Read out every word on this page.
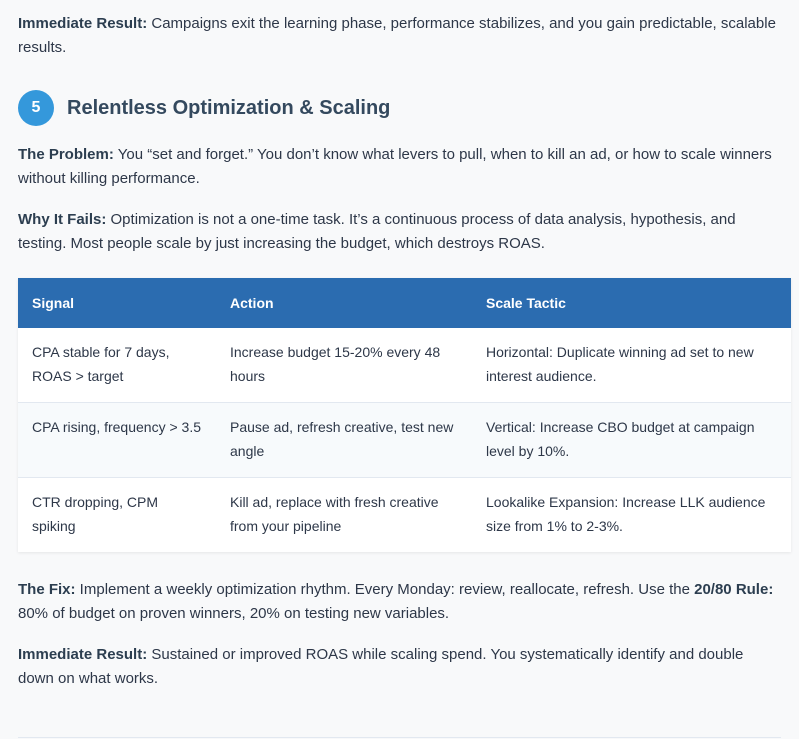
Immediate Result: Campaigns exit the learning phase, performance stabilizes, and you gain predictable, scalable results.

5	Relentless Optimization & Scaling

The Problem: You “set and forget.” You don’t know what levers to pull, when to kill an ad, or how to scale winners without killing performance.

Why It Fails: Optimization is not a one-time task. It’s a continuous process of data analysis, hypothesis, and testing. Most people scale by just increasing the budget, which destroys ROAS.

Signal	Action	Scale Tactic
CPA stable for 7 days, ROAS > target	Increase budget 15-20% every 48 hours	Horizontal: Duplicate winning ad set to new interest audience.
CPA rising, frequency > 3.5	Pause ad, refresh creative, test new angle	Vertical: Increase CBO budget at campaign level by 10%.
CTR dropping, CPM spiking	Kill ad, replace with fresh creative from your pipeline	Lookalike Expansion: Increase LLK audience size from 1% to 2-3%.

The Fix: Implement a weekly optimization rhythm. Every Monday: review, reallocate, refresh. Use the 20/80 Rule: 80% of budget on proven winners, 20% on testing new variables.

Immediate Result: Sustained or improved ROAS while scaling spend. You systematically identify and double down on what works.
